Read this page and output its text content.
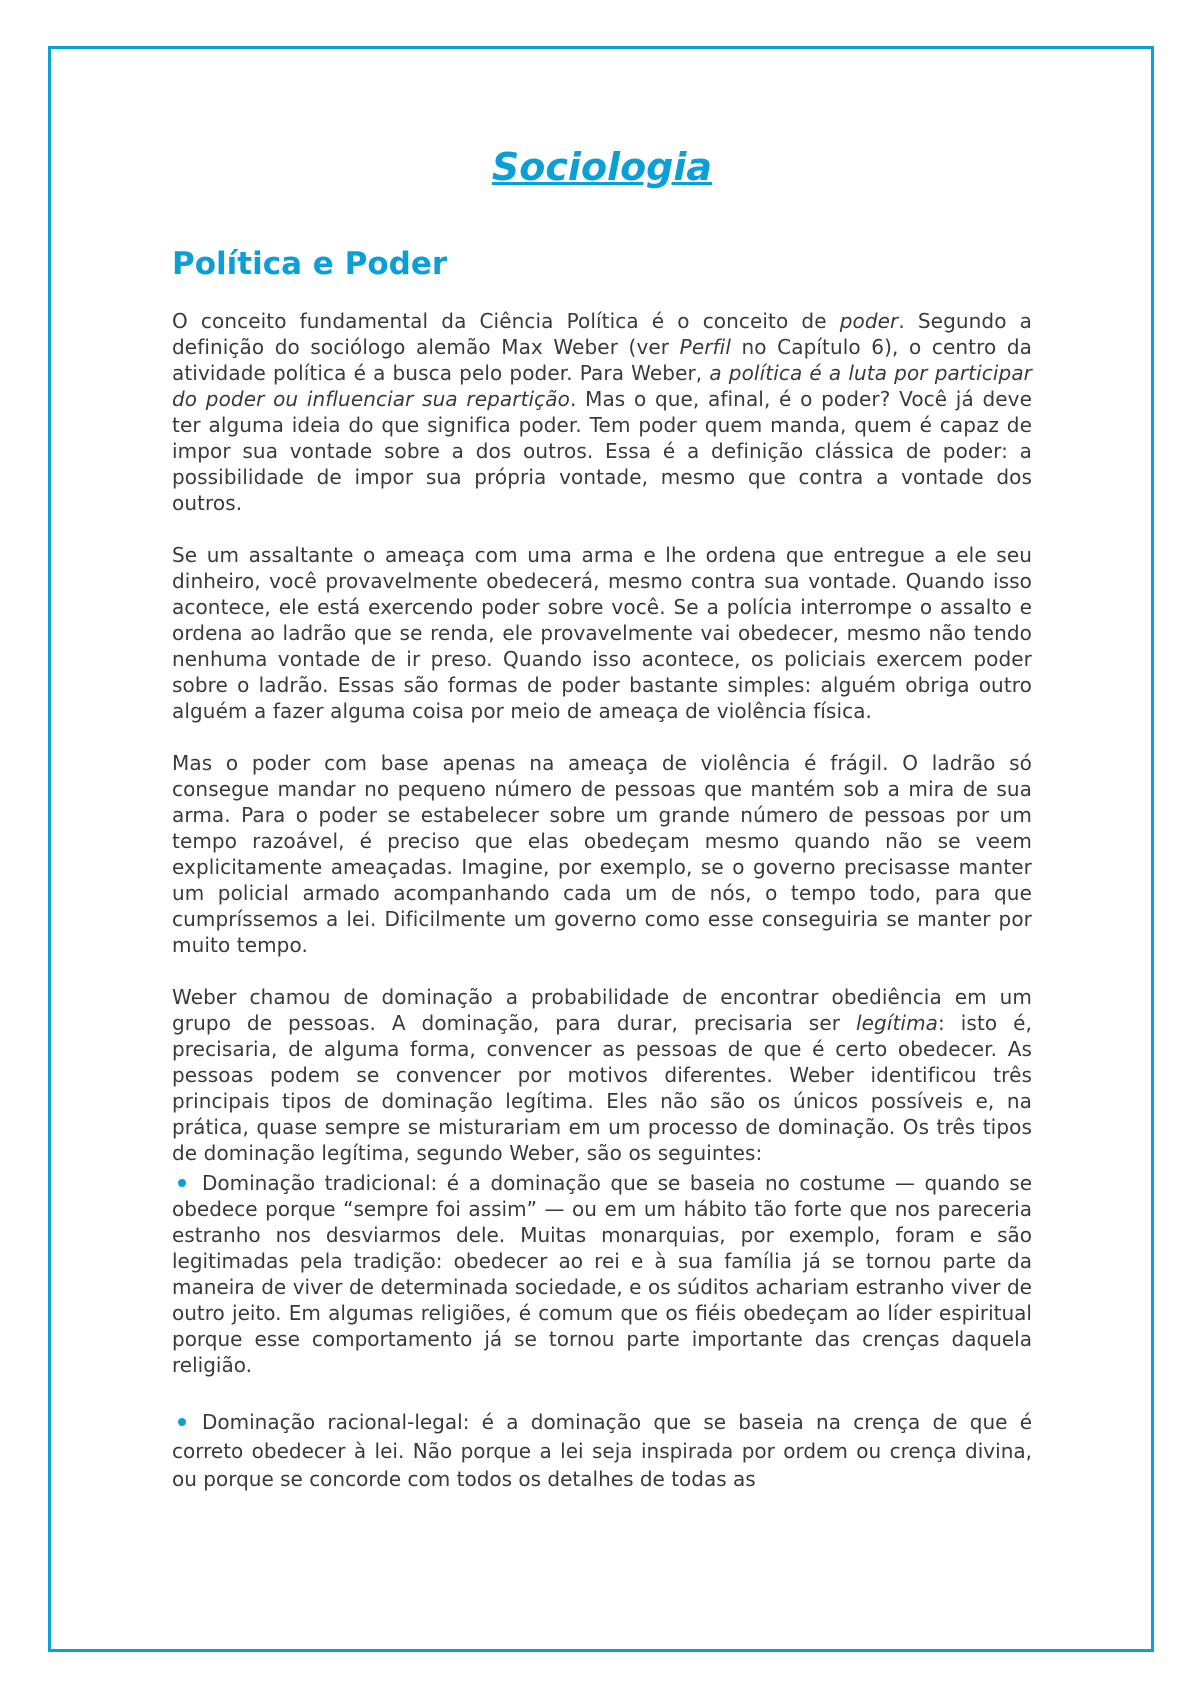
Sociologia
Política e Poder

O conceito fundamental da Ciência Política é o conceito de poder. Segundo a definição do sociólogo alemão Max Weber (ver Perfil no Capítulo 6), o centro da atividade política é a busca pelo poder. Para Weber, a política é a luta por participar do poder ou influenciar sua repartição. Mas o que, afinal, é o poder? Você já deve ter alguma ideia do que significa poder. Tem poder quem manda, quem é capaz de impor sua vontade sobre a dos outros. Essa é a definição clássica de poder: a possibilidade de impor sua própria vontade, mesmo que contra a vontade dos outros.

Se um assaltante o ameaça com uma arma e lhe ordena que entregue a ele seu dinheiro, você provavelmente obedecerá, mesmo contra sua vontade. Quando isso acontece, ele está exercendo poder sobre você. Se a polícia interrompe o assalto e ordena ao ladrão que se renda, ele provavelmente vai obedecer, mesmo não tendo nenhuma vontade de ir preso. Quando isso acontece, os policiais exercem poder sobre o ladrão. Essas são formas de poder bastante simples: alguém obriga outro alguém a fazer alguma coisa por meio de ameaça de violência física.

Mas o poder com base apenas na ameaça de violência é frágil. O ladrão só consegue mandar no pequeno número de pessoas que mantém sob a mira de sua arma. Para o poder se estabelecer sobre um grande número de pessoas por um tempo razoável, é preciso que elas obedeçam mesmo quando não se veem explicitamente ameaçadas. Imagine, por exemplo, se o governo precisasse manter um policial armado acompanhando cada um de nós, o tempo todo, para que cumpríssemos a lei. Dificilmente um governo como esse conseguiria se manter por muito tempo.

Weber chamou de dominação a probabilidade de encontrar obediência em um grupo de pessoas. A dominação, para durar, precisaria ser legítima: isto é, precisaria, de alguma forma, convencer as pessoas de que é certo obedecer. As pessoas podem se convencer por motivos diferentes. Weber identificou três principais tipos de dominação legítima. Eles não são os únicos possíveis e, na prática, quase sempre se misturariam em um processo de dominação. Os três tipos de dominação legítima, segundo Weber, são os seguintes:

Dominação tradicional: é a dominação que se baseia no costume — quando se obedece porque “sempre foi assim” — ou em um hábito tão forte que nos pareceria estranho nos desviarmos dele. Muitas monarquias, por exemplo, foram e são legitimadas pela tradição: obedecer ao rei e à sua família já se tornou parte da maneira de viver de determinada sociedade, e os súditos achariam estranho viver de outro jeito. Em algumas religiões, é comum que os fiéis obedeçam ao líder espiritual porque esse comportamento já se tornou parte importante das crenças daquela religião.

Dominação racional-legal: é a dominação que se baseia na crença de que é correto obedecer à lei. Não porque a lei seja inspirada por ordem ou crença divina, ou porque se concorde com todos os detalhes de todas as
